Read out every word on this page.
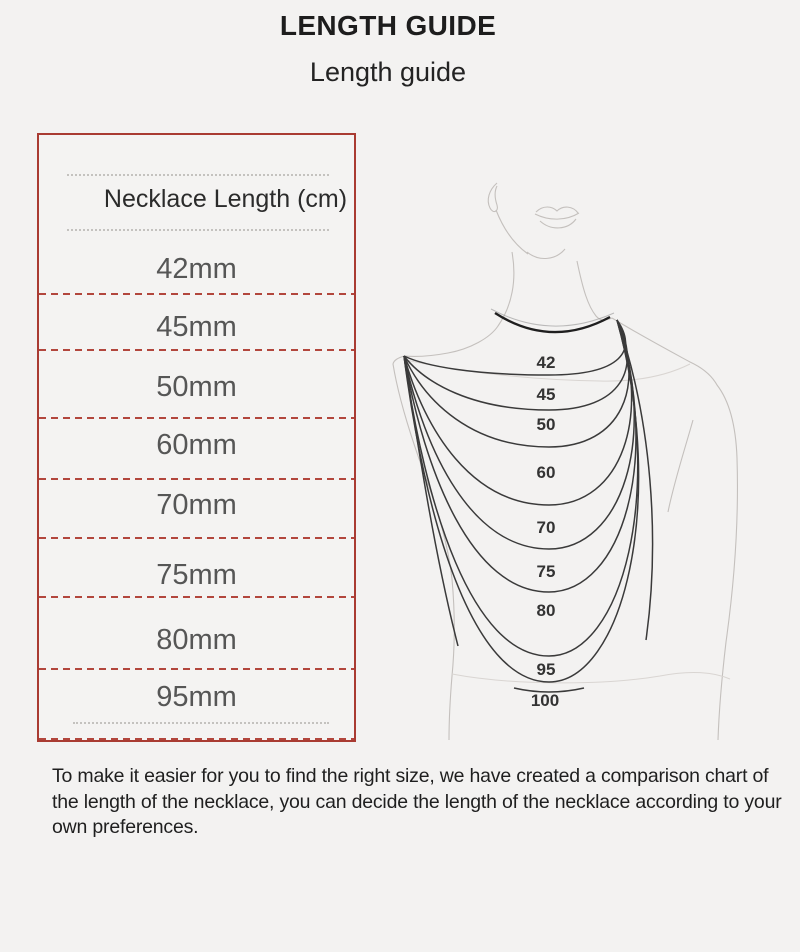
LENGTH GUIDE
Length guide
Necklace Length (cm)
42mm
45mm
50mm
60mm
70mm
75mm
80mm
95mm
42
45
50
60
70
75
80
95
100
To make it easier for you to find the right size, we have created a comparison chart of
the length of the necklace, you can decide the length of the necklace according to your
own preferences.
